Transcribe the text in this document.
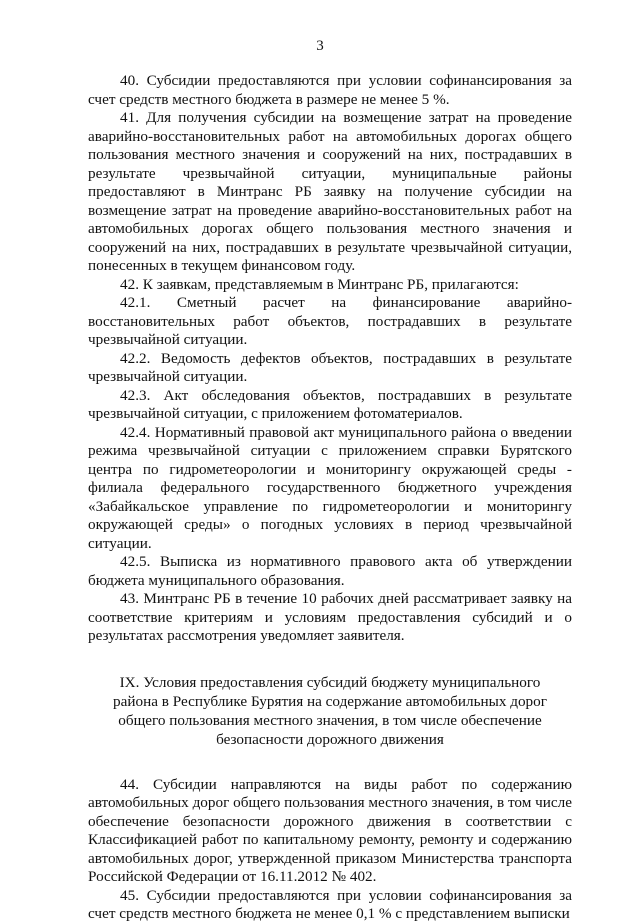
3

40. Субсидии предоставляются при условии софинансирования за счет средств местного бюджета в размере не менее 5 %.

41. Для получения субсидии на возмещение затрат на проведение аварийно-восстановительных работ на автомобильных дорогах общего пользования местного значения и сооружений на них, пострадавших в результате чрезвычайной ситуации, муниципальные районы предоставляют в Минтранс РБ заявку на получение субсидии на возмещение затрат на проведение аварийно-восстановительных работ на автомобильных дорогах общего пользования местного значения и сооружений на них, пострадавших в результате чрезвычайной ситуации, понесенных в текущем финансовом году.

42. К заявкам, представляемым в Минтранс РБ, прилагаются:

42.1. Сметный расчет на финансирование аварийно-восстановительных работ объектов, пострадавших в результате чрезвычайной ситуации.

42.2. Ведомость дефектов объектов, пострадавших в результате чрезвычайной ситуации.

42.3. Акт обследования объектов, пострадавших в результате чрезвычайной ситуации, с приложением фотоматериалов.

42.4. Нормативный правовой акт муниципального района о введении режима чрезвычайной ситуации с приложением справки Бурятского центра по гидрометеорологии и мониторингу окружающей среды - филиала федерального государственного бюджетного учреждения «Забайкальское управление по гидрометеорологии и мониторингу окружающей среды» о погодных условиях в период чрезвычайной ситуации.

42.5. Выписка из нормативного правового акта об утверждении бюджета муниципального образования.

43. Минтранс РБ в течение 10 рабочих дней рассматривает заявку на соответствие критериям и условиям предоставления субсидий и о результатах рассмотрения уведомляет заявителя.

IX. Условия предоставления субсидий бюджету муниципального района в Республике Бурятия на содержание автомобильных дорог общего пользования местного значения, в том числе обеспечение безопасности дорожного движения

44. Субсидии направляются на виды работ по содержанию автомобильных дорог общего пользования местного значения, в том числе обеспечение безопасности дорожного движения в соответствии с Классификацией работ по капитальному ремонту, ремонту и содержанию автомобильных дорог, утвержденной приказом Министерства транспорта Российской Федерации от 16.11.2012 № 402.

45. Субсидии предоставляются при условии софинансирования за счет средств местного бюджета не менее 0,1 % с представлением выписки
